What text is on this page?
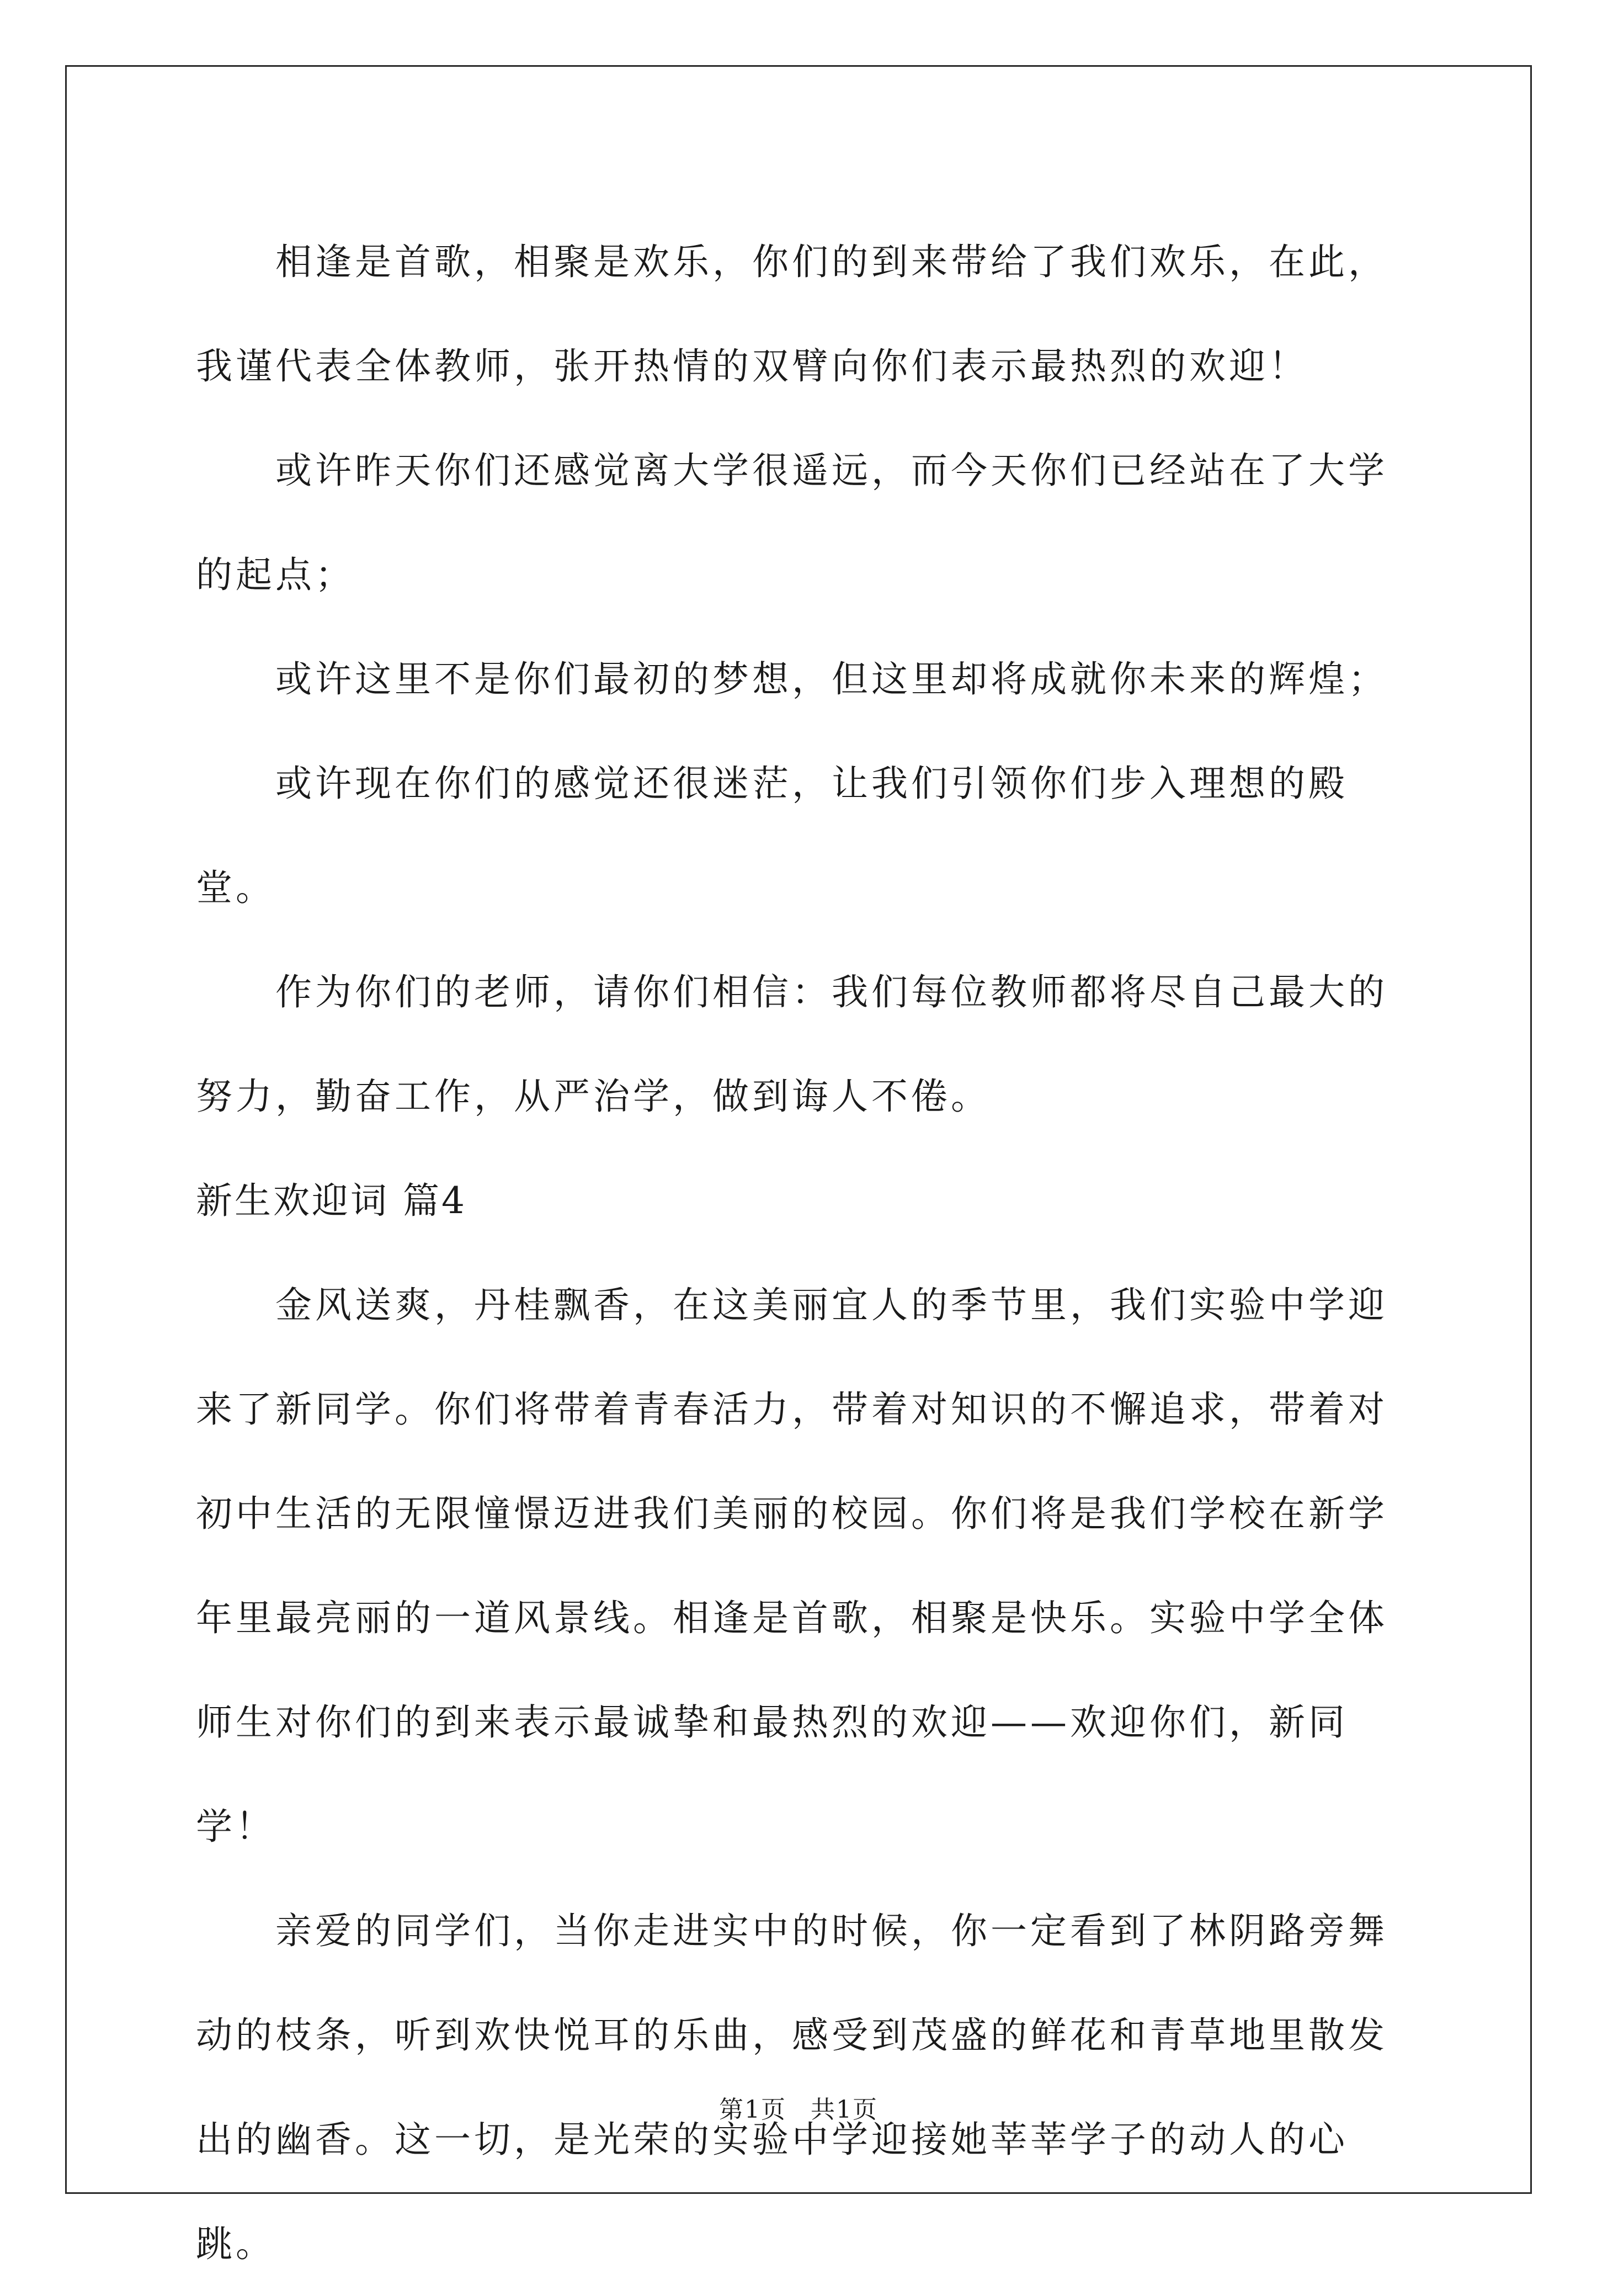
相逢是首歌，相聚是欢乐，你们的到来带给了我们欢乐，在此，我谨代表全体教师，张开热情的双臂向你们表示最热烈的欢迎！

或许昨天你们还感觉离大学很遥远，而今天你们已经站在了大学的起点；

或许这里不是你们最初的梦想，但这里却将成就你未来的辉煌；

或许现在你们的感觉还很迷茫，让我们引领你们步入理想的殿堂。

作为你们的老师，请你们相信：我们每位教师都将尽自己最大的努力，勤奋工作，从严治学，做到诲人不倦。

新生欢迎词 篇4

金风送爽，丹桂飘香，在这美丽宜人的季节里，我们实验中学迎来了新同学。你们将带着青春活力，带着对知识的不懈追求，带着对初中生活的无限憧憬迈进我们美丽的校园。你们将是我们学校在新学年里最亮丽的一道风景线。相逢是首歌，相聚是快乐。实验中学全体师生对你们的到来表示最诚挚和最热烈的欢迎——欢迎你们，新同学！

亲爱的同学们，当你走进实中的时候，你一定看到了林阴路旁舞动的枝条，听到欢快悦耳的乐曲，感受到茂盛的鲜花和青草地里散发出的幽香。这一切，是光荣的实验中学迎接她莘莘学子的动人的心跳。

第1页 共1页
